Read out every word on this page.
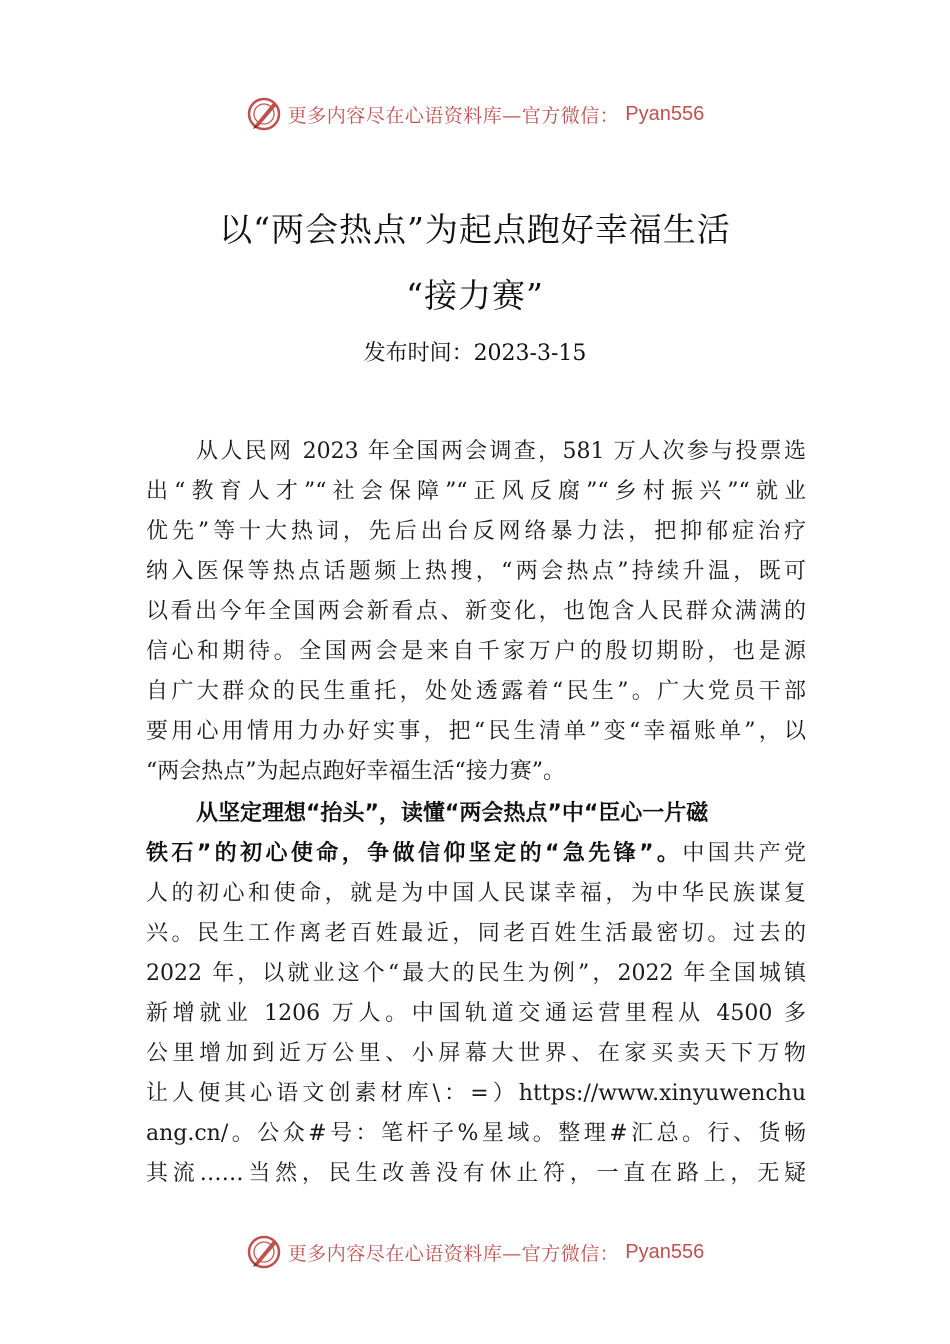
更多内容尽在心语资料库—官方微信： Pyan556
以“两会热点”为起点跑好幸福生活
“接力赛”
发布时间：2023-3-15
从人民网 2023 年全国两会调查，581 万人次参与投票选
出“教育人才”“社会保障”“正风反腐”“乡村振兴”“就业
优先”等十大热词，先后出台反网络暴力法，把抑郁症治疗
纳入医保等热点话题频上热搜，“两会热点”持续升温，既可
以看出今年全国两会新看点、新变化，也饱含人民群众满满的
信心和期待。全国两会是来自千家万户的殷切期盼，也是源
自广大群众的民生重托，处处透露着“民生”。广大党员干部
要用心用情用力办好实事，把“民生清单”变“幸福账单”，以
“两会热点”为起点跑好幸福生活“接力赛”。
从坚定理想“抬头”，读懂“两会热点”中“臣心一片磁
铁石”的初心使命，争做信仰坚定的“急先锋”。中国共产党
人的初心和使命，就是为中国人民谋幸福，为中华民族谋复
兴。民生工作离老百姓最近，同老百姓生活最密切。过去的
2022 年，以就业这个“最大的民生为例”，2022 年全国城镇
新增就业 1206 万人。中国轨道交通运营里程从 4500 多
公里增加到近万公里、小屏幕大世界、在家买卖天下万物
让人便其心语文创素材库\：=）https://www.xinyuwenchu
ang.cn/。公众#号：笔杆子%星域。整理#汇总。行、货畅
其流……当然，民生改善没有休止符，一直在路上，无疑
更多内容尽在心语资料库—官方微信： Pyan556
